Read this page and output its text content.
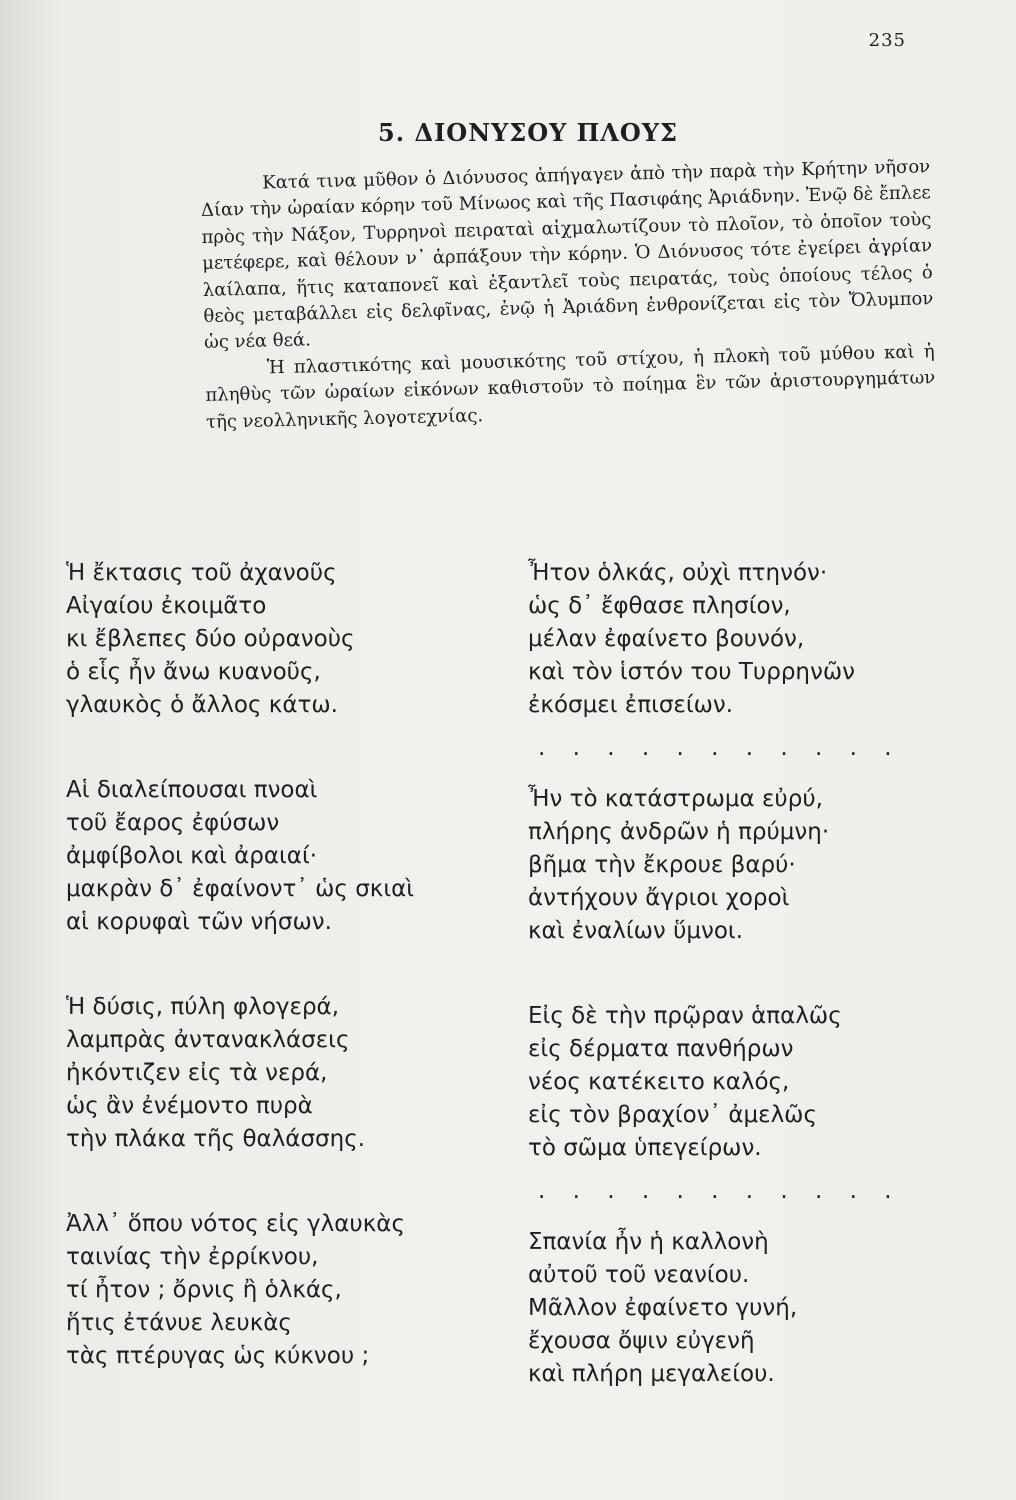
235
5. ΔΙΟΝΥΣΟΥ ΠΛΟΥΣ

Κατά τινα μῦθον ὁ Διόνυσος ἀπήγαγεν ἀπὸ τὴν παρὰ τὴν Κρήτην νῆσον Δίαν τὴν ὡραίαν κόρην τοῦ Μίνωος καὶ τῆς Πασιφάης Ἀριάδνην. Ἐνῷ δὲ ἔπλεε πρὸς τὴν Νάξον, Τυρρηνοὶ πειραταὶ αἰχμαλωτίζουν τὸ πλοῖον, τὸ ὁποῖον τοὺς μετέφερε, καὶ θέλουν ν᾽ ἁρπάξουν τὴν κόρην. Ὁ Διόνυσος τότε ἐγείρει ἀγρίαν λαίλαπα, ἥτις καταπονεῖ καὶ ἐξαντλεῖ τοὺς πειρατάς, τοὺς ὁποίους τέλος ὁ θεὸς μεταβάλλει εἰς δελφῖνας, ἐνῷ ἡ Ἀριάδνη ἐνθρονίζεται εἰς τὸν Ὄλυμπον ὡς νέα θεά.

Ἡ πλαστικότης καὶ μουσικότης τοῦ στίχου, ἡ πλοκὴ τοῦ μύθου καὶ ἡ πληθὺς τῶν ὡραίων εἰκόνων καθιστοῦν τὸ ποίημα ἓν τῶν ἀριστουργημάτων τῆς νεολληνικῆς λογοτεχνίας.

Ἡ ἔκτασις τοῦ ἀχανοῦς
Αἰγαίου ἐκοιμᾶτο
κι ἔβλεπες δύο οὐρανοὺς
ὁ εἷς ἦν ἄνω κυανοῦς,
γλαυκὸς ὁ ἄλλος κάτω.
Αἱ διαλείπουσαι πνοαὶ
τοῦ ἔαρος ἐφύσων
ἀμφίβολοι καὶ ἀραιαί·
μακρὰν δ᾽ ἐφαίνοντ᾽ ὡς σκιαὶ
αἱ κορυφαὶ τῶν νήσων.
Ἡ δύσις, πύλη φλογερά,
λαμπρὰς ἀντανακλάσεις
ἠκόντιζεν εἰς τὰ νερά,
ὡς ἂν ἐνέμοντο πυρὰ
τὴν πλάκα τῆς θαλάσσης.
Ἀλλ᾽ ὅπου νότος εἰς γλαυκὰς
ταινίας τὴν ἐρρίκνου,
τί ἦτον ; ὄρνις ἢ ὁλκάς,
ἥτις ἐτάνυε λευκὰς
τὰς πτέρυγας ὡς κύκνου ;
Ἦτον ὁλκάς, οὐχὶ πτηνόν·
ὡς δ᾽ ἔφθασε πλησίον,
μέλαν ἐφαίνετο βουνόν,
καὶ τὸν ἱστόν του Τυρρηνῶν
ἐκόσμει ἐπισείων.
. . . . . . . . . . .
Ἦν τὸ κατάστρωμα εὐρύ,
πλήρης ἀνδρῶν ἡ πρύμνη·
βῆμα τὴν ἔκρουε βαρύ·
ἀντήχουν ἄγριοι χοροὶ
καὶ ἐναλίων ὕμνοι.
Εἰς δὲ τὴν πρῷραν ἁπαλῶς
εἰς δέρματα πανθήρων
νέος κατέκειτο καλός,
εἰς τὸν βραχίον᾽ ἀμελῶς
τὸ σῶμα ὑπεγείρων.
. . . . . . . . . . .
Σπανία ἦν ἡ καλλονὴ
αὐτοῦ τοῦ νεανίου.
Μᾶλλον ἐφαίνετο γυνή,
ἔχουσα ὄψιν εὐγενῆ
καὶ πλήρη μεγαλείου.
